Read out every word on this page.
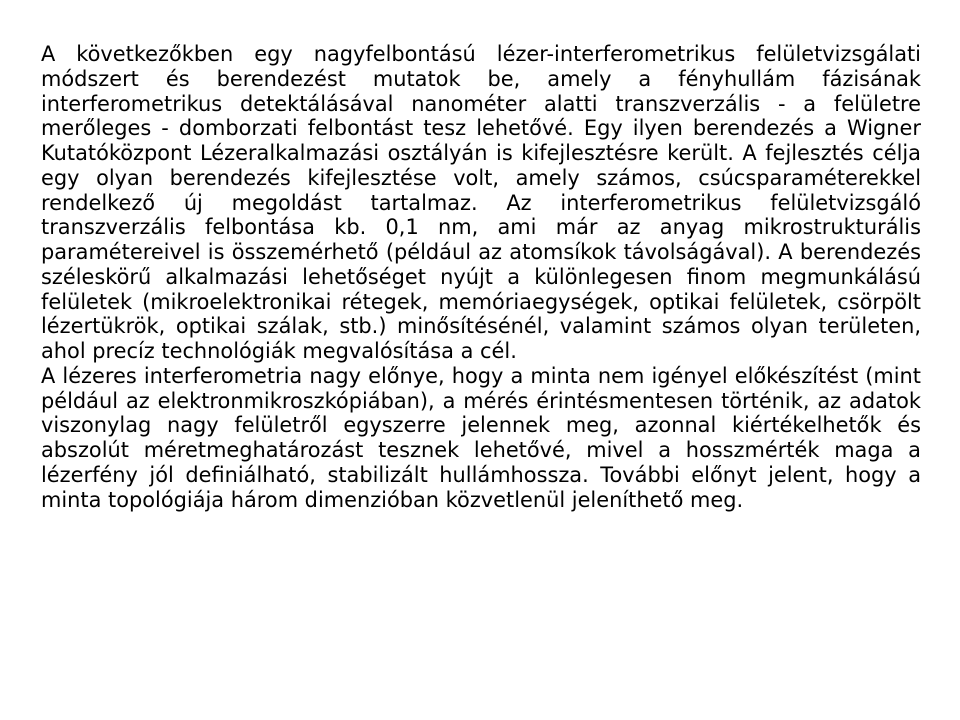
A következőkben egy nagyfelbontású lézer-interferometrikus felületvizsgálati módszert és berendezést mutatok be, amely a fényhullám fázisának interferometrikus detektálásával nanométer alatti transzverzális - a felületre merőleges - domborzati felbontást tesz lehetővé. Egy ilyen berendezés a Wigner Kutatóközpont Lézeralkalmazási osztályán is kifejlesztésre került. A fejlesztés célja egy olyan berendezés kifejlesztése volt, amely számos, csúcsparaméterekkel rendelkező új megoldást tartalmaz. Az interferometrikus felületvizsgáló transzverzális felbontása kb. 0,1 nm, ami már az anyag mikrostrukturális paramétereivel is összemérhető (például az atomsíkok távolságával). A berendezés széleskörű alkalmazási lehetőséget nyújt a különlegesen finom megmunkálású felületek (mikroelektronikai rétegek, memóriaegységek, optikai felületek, csörpölt lézertükrök, optikai szálak, stb.) minősítésénél, valamint számos olyan területen, ahol precíz technológiák megvalósítása a cél.

A lézeres interferometria nagy előnye, hogy a minta nem igényel előkészítést (mint például az elektronmikroszkópiában), a mérés érintésmentesen történik, az adatok viszonylag nagy felületről egyszerre jelennek meg, azonnal kiértékelhetők és abszolút méretmeghatározást tesznek lehetővé, mivel a hosszmérték maga a lézerfény jól definiálható, stabilizált hullámhossza. További előnyt jelent, hogy a minta topológiája három dimenzióban közvetlenül jeleníthető meg.
